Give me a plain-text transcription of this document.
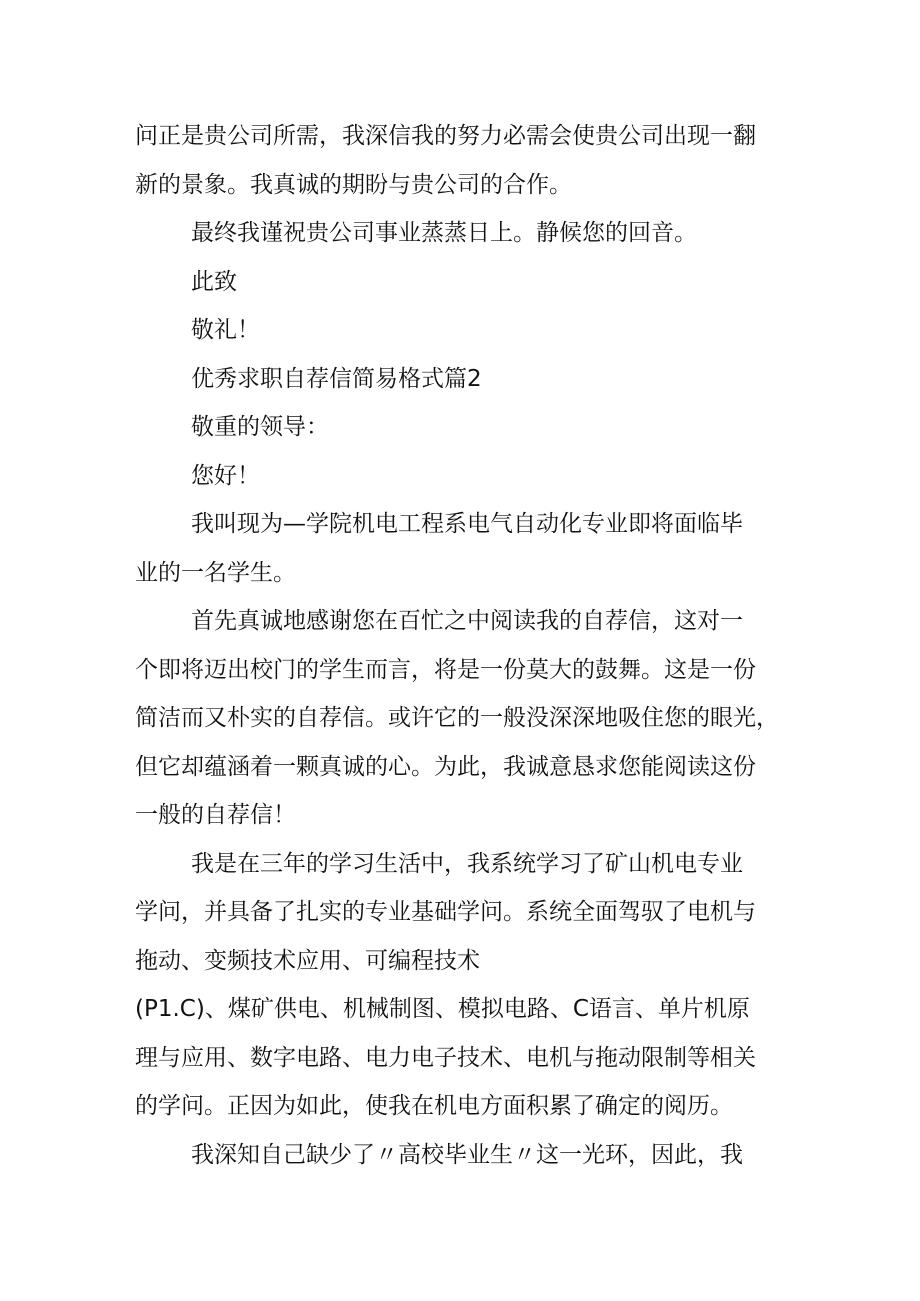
问正是贵公司所需，我深信我的努力必需会使贵公司出现一翻
新的景象。我真诚的期盼与贵公司的合作。
最终我谨祝贵公司事业蒸蒸日上。静候您的回音。
此致
敬礼！
优秀求职自荐信简易格式篇2
敬重的领导：
您好！
我叫现为—学院机电工程系电气自动化专业即将面临毕
业的一名学生。
首先真诚地感谢您在百忙之中阅读我的自荐信，这对一
个即将迈出校门的学生而言，将是一份莫大的鼓舞。这是一份
简洁而又朴实的自荐信。或许它的一般没深深地吸住您的眼光，
但它却蕴涵着一颗真诚的心。为此，我诚意恳求您能阅读这份
一般的自荐信！
我是在三年的学习生活中，我系统学习了矿山机电专业
学问，并具备了扎实的专业基础学问。系统全面驾驭了电机与
拖动、变频技术应用、可编程技术
(P1.C)、煤矿供电、机械制图、模拟电路、C语言、单片机原
理与应用、数字电路、电力电子技术、电机与拖动限制等相关
的学问。正因为如此，使我在机电方面积累了确定的阅历。
我深知自己缺少了〃高校毕业生〃这一光环，因此，我
